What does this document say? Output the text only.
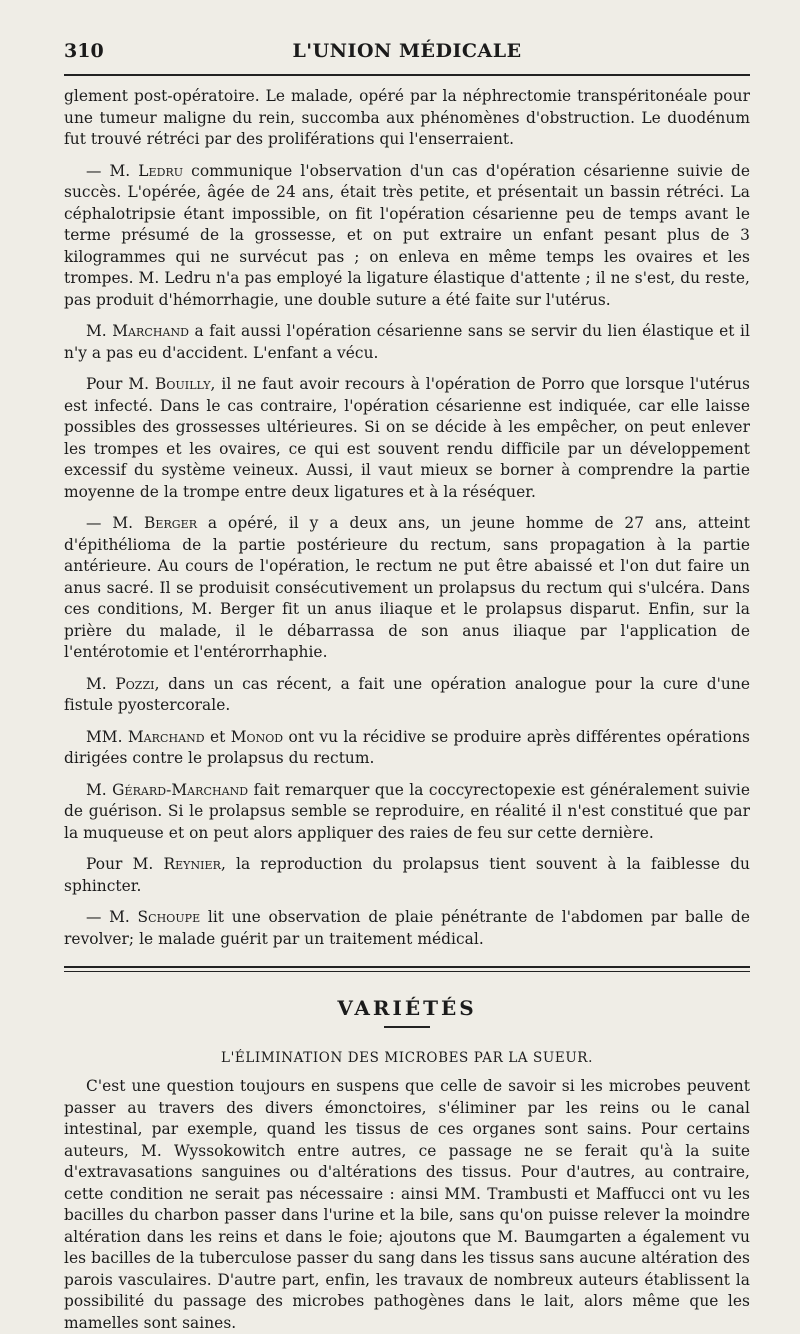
310	L'UNION MÉDICALE

glement post-opératoire. Le malade, opéré par la néphrectomie transpéritonéale pour une tumeur maligne du rein, succomba aux phénomènes d'obstruction. Le duodénum fut trouvé rétréci par des proliférations qui l'enserraient.

— M. Ledru communique l'observation d'un cas d'opération césarienne suivie de succès. L'opérée, âgée de 24 ans, était très petite, et présentait un bassin rétréci. La céphalotripsie étant impossible, on fit l'opération césarienne peu de temps avant le terme présumé de la grossesse, et on put extraire un enfant pesant plus de 3 kilogrammes qui ne survécut pas ; on enleva en même temps les ovaires et les trompes. M. Ledru n'a pas employé la ligature élastique d'attente ; il ne s'est, du reste, pas produit d'hémorrhagie, une double suture a été faite sur l'utérus.

M. Marchand a fait aussi l'opération césarienne sans se servir du lien élastique et il n'y a pas eu d'accident. L'enfant a vécu.

Pour M. Bouilly, il ne faut avoir recours à l'opération de Porro que lorsque l'utérus est infecté. Dans le cas contraire, l'opération césarienne est indiquée, car elle laisse possibles des grossesses ultérieures. Si on se décide à les empêcher, on peut enlever les trompes et les ovaires, ce qui est souvent rendu difficile par un développement excessif du système veineux. Aussi, il vaut mieux se borner à comprendre la partie moyenne de la trompe entre deux ligatures et à la réséquer.

— M. Berger a opéré, il y a deux ans, un jeune homme de 27 ans, atteint d'épithélioma de la partie postérieure du rectum, sans propagation à la partie antérieure. Au cours de l'opération, le rectum ne put être abaissé et l'on dut faire un anus sacré. Il se produisit consécutivement un prolapsus du rectum qui s'ulcéra. Dans ces conditions, M. Berger fit un anus iliaque et le prolapsus disparut. Enfin, sur la prière du malade, il le débarrassa de son anus iliaque par l'application de l'entérotomie et l'entérorrhaphie.

M. Pozzi, dans un cas récent, a fait une opération analogue pour la cure d'une fistule pyostercorale.

MM. Marchand et Monod ont vu la récidive se produire après différentes opérations dirigées contre le prolapsus du rectum.

M. Gérard-Marchand fait remarquer que la coccyrectopexie est généralement suivie de guérison. Si le prolapsus semble se reproduire, en réalité il n'est constitué que par la muqueuse et on peut alors appliquer des raies de feu sur cette dernière.

Pour M. Reynier, la reproduction du prolapsus tient souvent à la faiblesse du sphincter.

— M. Schoupe lit une observation de plaie pénétrante de l'abdomen par balle de revolver; le malade guérit par un traitement médical.

VARIÉTÉS
L'ÉLIMINATION DES MICROBES PAR LA SUEUR.

C'est une question toujours en suspens que celle de savoir si les microbes peuvent passer au travers des divers émonctoires, s'éliminer par les reins ou le canal intestinal, par exemple, quand les tissus de ces organes sont sains. Pour certains auteurs, M. Wyssokowitch entre autres, ce passage ne se ferait qu'à la suite d'extravasations sanguines ou d'altérations des tissus. Pour d'autres, au contraire, cette condition ne serait pas nécessaire : ainsi MM. Trambusti et Maffucci ont vu les bacilles du charbon passer dans l'urine et la bile, sans qu'on puisse relever la moindre altération dans les reins et dans le foie; ajoutons que M. Baumgarten a également vu les bacilles de la tuberculose passer du sang dans les tissus sans aucune altération des parois vasculaires. D'autre part, enfin, les travaux de nombreux auteurs établissent la possibilité du passage des microbes pathogènes dans le lait, alors même que les mamelles sont saines.
